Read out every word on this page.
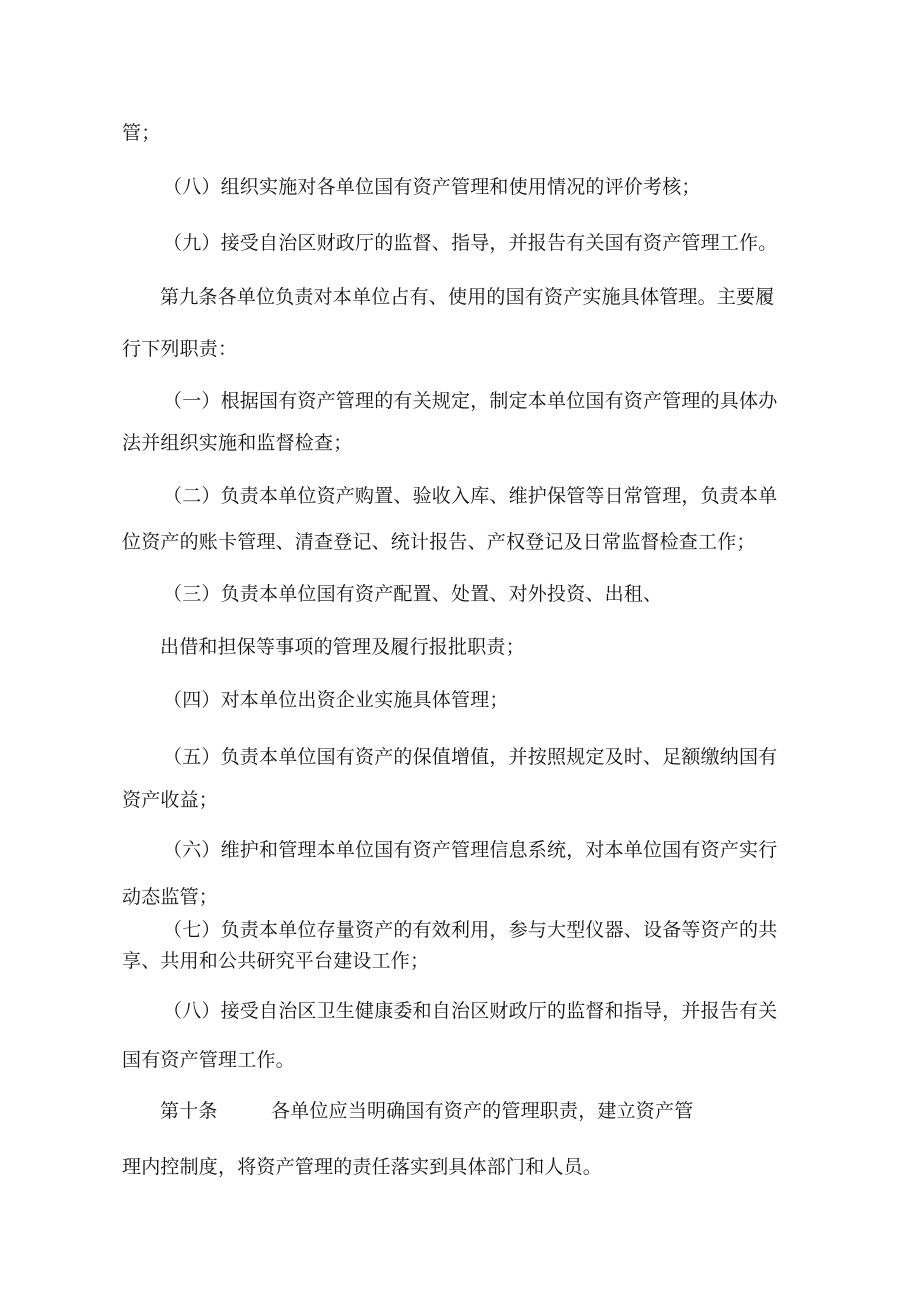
管；
（八）组织实施对各单位国有资产管理和使用情况的评价考核；
（九）接受自治区财政厅的监督、指导，并报告有关国有资产管理工作。
第九条各单位负责对本单位占有、使用的国有资产实施具体管理。主要履
行下列职责：
（一）根据国有资产管理的有关规定，制定本单位国有资产管理的具体办
法并组织实施和监督检查；
（二）负责本单位资产购置、验收入库、维护保管等日常管理，负责本单
位资产的账卡管理、清查登记、统计报告、产权登记及日常监督检查工作；
（三）负责本单位国有资产配置、处置、对外投资、出租、
出借和担保等事项的管理及履行报批职责；
（四）对本单位出资企业实施具体管理；
（五）负责本单位国有资产的保值增值，并按照规定及时、足额缴纳国有
资产收益；
（六）维护和管理本单位国有资产管理信息系统，对本单位国有资产实行
动态监管；
（七）负责本单位存量资产的有效利用，参与大型仪器、设备等资产的共
享、共用和公共研究平台建设工作；
（八）接受自治区卫生健康委和自治区财政厅的监督和指导，并报告有关
国有资产管理工作。
第十条	各单位应当明确国有资产的管理职责，建立资产管
理内控制度，将资产管理的责任落实到具体部门和人员。
